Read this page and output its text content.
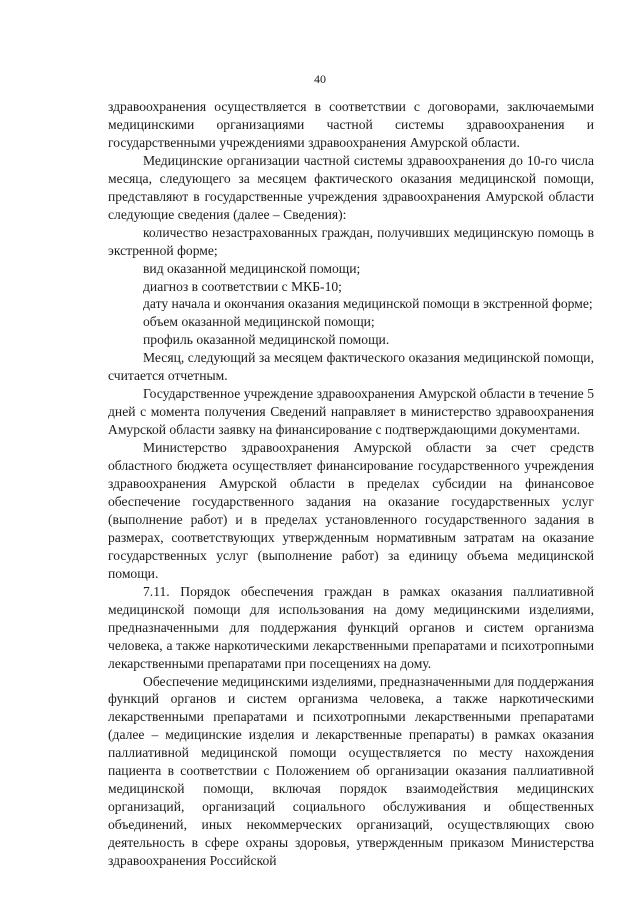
40

здравоохранения осуществляется в соответствии с договорами, заключаемыми медицинскими организациями частной системы здравоохранения и государственными учреждениями здравоохранения Амурской области.

Медицинские организации частной системы здравоохранения до 10-го числа месяца, следующего за месяцем фактического оказания медицинской помощи, представляют в государственные учреждения здравоохранения Амурской области следующие сведения (далее – Сведения):

количество незастрахованных граждан, получивших медицинскую помощь в экстренной форме;

вид оказанной медицинской помощи;

диагноз в соответствии с МКБ-10;

дату начала и окончания оказания медицинской помощи в экстренной форме;

объем оказанной медицинской помощи;

профиль оказанной медицинской помощи.

Месяц, следующий за месяцем фактического оказания медицинской помощи, считается отчетным.

Государственное учреждение здравоохранения Амурской области в течение 5 дней с момента получения Сведений направляет в министерство здравоохранения Амурской области заявку на финансирование с подтверждающими документами.

Министерство здравоохранения Амурской области за счет средств областного бюджета осуществляет финансирование государственного учреждения здравоохранения Амурской области в пределах субсидии на финансовое обеспечение государственного задания на оказание государственных услуг (выполнение работ) и в пределах установленного государственного задания в размерах, соответствующих утвержденным нормативным затратам на оказание государственных услуг (выполнение работ) за единицу объема медицинской помощи.

7.11. Порядок обеспечения граждан в рамках оказания паллиативной медицинской помощи для использования на дому медицинскими изделиями, предназначенными для поддержания функций органов и систем организма человека, а также наркотическими лекарственными препаратами и психотропными лекарственными препаратами при посещениях на дому.

Обеспечение медицинскими изделиями, предназначенными для поддержания функций органов и систем организма человека, а также наркотическими лекарственными препаратами и психотропными лекарственными препаратами (далее – медицинские изделия и лекарственные препараты) в рамках оказания паллиативной медицинской помощи осуществляется по месту нахождения пациента в соответствии с Положением об организации оказания паллиативной медицинской помощи, включая порядок взаимодействия медицинских организаций, организаций социального обслуживания и общественных объединений, иных некоммерческих организаций, осуществляющих свою деятельность в сфере охраны здоровья, утвержденным приказом Министерства здравоохранения Российской
